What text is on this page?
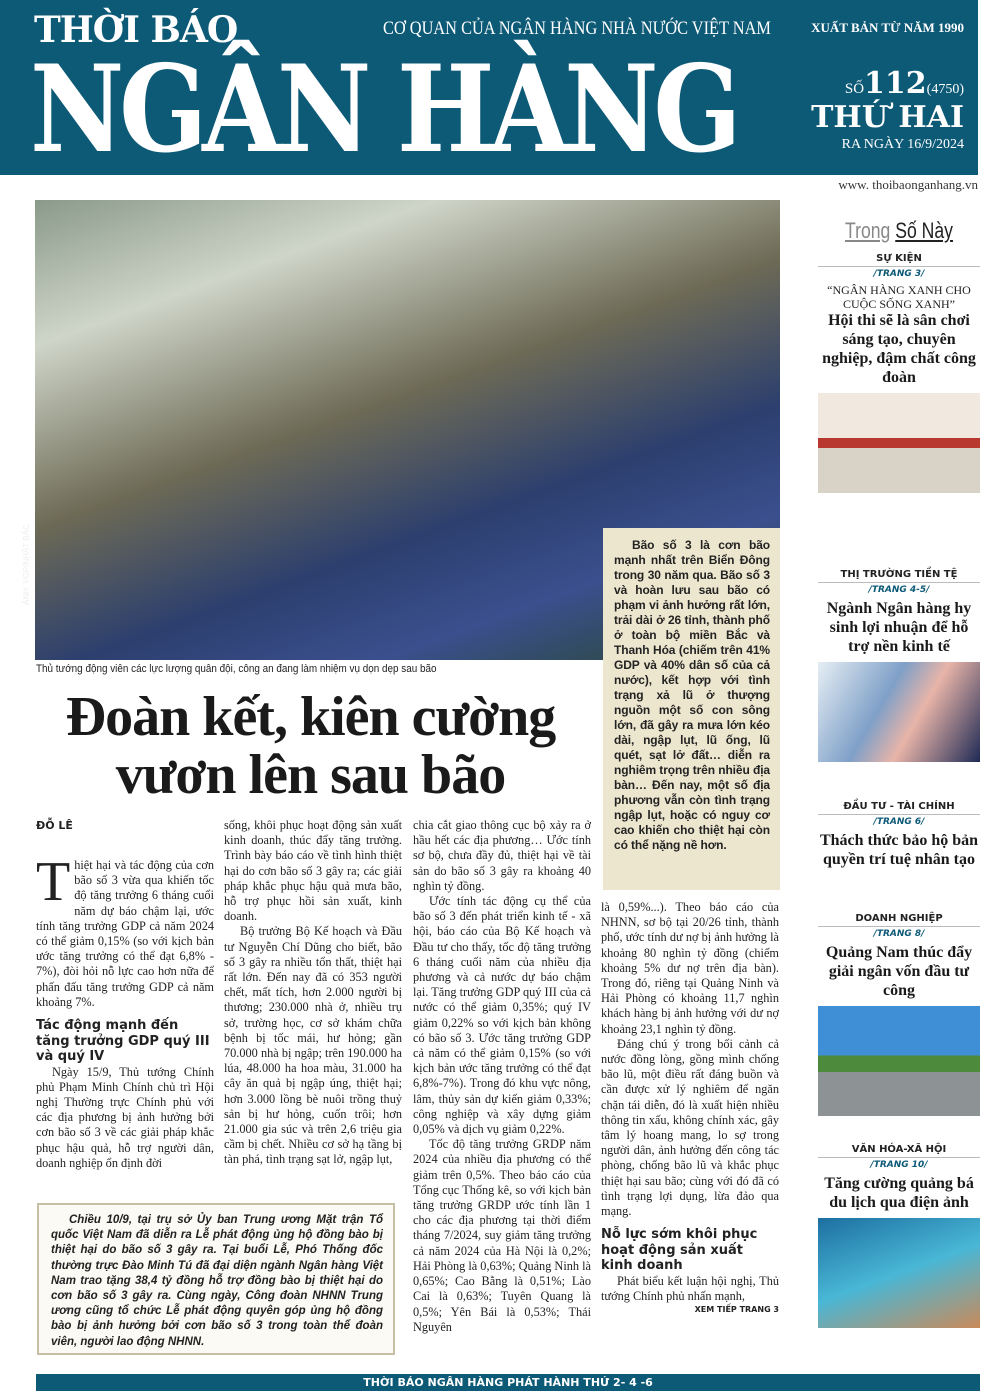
THỜI BÁO
NGÂN HÀNG
CƠ QUAN CỦA NGÂN HÀNG NHÀ NƯỚC VIỆT NAM	XUẤT BẢN TỪ NĂM 1990
SỐ112(4750)
THỨ HAI
RA NGÀY 16/9/2024
www. thoibaonganhang.vn
ẢNH: VGP/NHẬT BẮC
Thủ tướng động viên các lực lượng quân đội, công an đang làm nhiệm vụ dọn dẹp sau bão
Bão số 3 là cơn bão mạnh nhất trên Biển Đông trong 30 năm qua. Bão số 3 và hoàn lưu sau bão có phạm vi ảnh hưởng rất lớn, trải dài ở 26 tỉnh, thành phố ở toàn bộ miền Bắc và Thanh Hóa (chiếm trên 41% GDP và 40% dân số của cả nước), kết hợp với tình trạng xả lũ ở thượng nguồn một số con sông lớn, đã gây ra mưa lớn kéo dài, ngập lụt, lũ ống, lũ quét, sạt lở đất… diễn ra nghiêm trọng trên nhiều địa bàn… Đến nay, một số địa phương vẫn còn tình trạng ngập lụt, hoặc có nguy cơ cao khiến cho thiệt hại còn có thể nặng nề hơn.
Đoàn kết, kiên cường
vươn lên sau bão
ĐỖ LÊ

Thiệt hại và tác động của cơn bão số 3 vừa qua khiến tốc độ tăng trưởng 6 tháng cuối năm dự báo chậm lại, ước tính tăng trưởng GDP cả năm 2024 có thể giảm 0,15% (so với kịch bản ước tăng trưởng có thể đạt 6,8% - 7%), đòi hỏi nỗ lực cao hơn nữa để phấn đấu tăng trưởng GDP cả năm khoảng 7%.

Tác động mạnh đến tăng trưởng GDP quý III và quý IV

Ngày 15/9, Thủ tướng Chính phủ Phạm Minh Chính chủ trì Hội nghị Thường trực Chính phủ với các địa phương bị ảnh hưởng bởi cơn bão số 3 về các giải pháp khắc phục hậu quả, hỗ trợ người dân, doanh nghiệp ổn định đời

sống, khôi phục hoạt động sản xuất kinh doanh, thúc đẩy tăng trưởng. Trình bày báo cáo về tình hình thiệt hại do cơn bão số 3 gây ra; các giải pháp khắc phục hậu quả mưa bão, hỗ trợ phục hồi sản xuất, kinh doanh.

Bộ trưởng Bộ Kế hoạch và Đầu tư Nguyễn Chí Dũng cho biết, bão số 3 gây ra nhiều tổn thất, thiệt hại rất lớn. Đến nay đã có 353 người chết, mất tích, hơn 2.000 người bị thương; 230.000 nhà ở, nhiều trụ sở, trường học, cơ sở khám chữa bệnh bị tốc mái, hư hỏng; gần 70.000 nhà bị ngập; trên 190.000 ha lúa, 48.000 ha hoa màu, 31.000 ha cây ăn quả bị ngập úng, thiệt hại; hơn 3.000 lồng bè nuôi trồng thuỷ sản bị hư hỏng, cuốn trôi; hơn 21.000 gia súc và trên 2,6 triệu gia cầm bị chết. Nhiều cơ sở hạ tầng bị tàn phá, tình trạng sạt lở, ngập lụt,

chia cắt giao thông cục bộ xảy ra ở hầu hết các địa phương… Ước tính sơ bộ, chưa đầy đủ, thiệt hại về tài sản do bão số 3 gây ra khoảng 40 nghìn tỷ đồng.

Ước tính tác động cụ thể của bão số 3 đến phát triển kinh tế - xã hội, báo cáo của Bộ Kế hoạch và Đầu tư cho thấy, tốc độ tăng trưởng 6 tháng cuối năm của nhiều địa phương và cả nước dự báo chậm lại. Tăng trưởng GDP quý III của cả nước có thể giảm 0,35%; quý IV giảm 0,22% so với kịch bản không có bão số 3. Ước tăng trưởng GDP cả năm có thể giảm 0,15% (so với kịch bản ước tăng trưởng có thể đạt 6,8%-7%). Trong đó khu vực nông, lâm, thủy sản dự kiến giảm 0,33%; công nghiệp và xây dựng giảm 0,05% và dịch vụ giảm 0,22%.

Tốc độ tăng trưởng GRDP năm 2024 của nhiều địa phương có thể giảm trên 0,5%. Theo báo cáo của Tổng cục Thống kê, so với kịch bản tăng trưởng GRDP ước tính lần 1 cho các địa phương tại thời điểm tháng 7/2024, suy giảm tăng trưởng cả năm 2024 của Hà Nội là 0,2%; Hải Phòng là 0,63%; Quảng Ninh là 0,65%; Cao Bằng là 0,51%; Lào Cai là 0,63%; Tuyên Quang là 0,5%; Yên Bái là 0,53%; Thái Nguyên

là 0,59%...). Theo báo cáo của NHNN, sơ bộ tại 20/26 tỉnh, thành phố, ước tính dư nợ bị ảnh hưởng là khoảng 80 nghìn tỷ đồng (chiếm khoảng 5% dư nợ trên địa bàn). Trong đó, riêng tại Quảng Ninh và Hải Phòng có khoảng 11,7 nghìn khách hàng bị ảnh hưởng với dư nợ khoảng 23,1 nghìn tỷ đồng.

Đáng chú ý trong bối cảnh cả nước đồng lòng, gồng mình chống bão lũ, một điều rất đáng buồn và cần được xử lý nghiêm để ngăn chặn tái diễn, đó là xuất hiện nhiều thông tin xấu, không chính xác, gây tâm lý hoang mang, lo sợ trong người dân, ảnh hưởng đến công tác phòng, chống bão lũ và khắc phục thiệt hại sau bão; cùng với đó đã có tình trạng lợi dụng, lừa đảo qua mạng.

Nỗ lực sớm khôi phục hoạt động sản xuất kinh doanh

Phát biểu kết luận hội nghị, Thủ tướng Chính phủ nhấn mạnh,

XEM TIẾP TRANG 3
Chiều 10/9, tại trụ sở Ủy ban Trung ương Mặt trận Tổ quốc Việt Nam đã diễn ra Lễ phát động ủng hộ đồng bào bị thiệt hại do bão số 3 gây ra. Tại buổi Lễ, Phó Thống đốc thường trực Đào Minh Tú đã đại diện ngành Ngân hàng Việt Nam trao tặng 38,4 tỷ đồng hỗ trợ đồng bào bị thiệt hại do cơn bão số 3 gây ra. Cùng ngày, Công đoàn NHNN Trung ương cũng tổ chức Lễ phát động quyên góp ủng hộ đồng bào bị ảnh hưởng bởi cơn bão số 3 trong toàn thể đoàn viên, người lao động NHNN.
Trong Số Này
SỰ KIỆN
/TRANG 3/
“NGÂN HÀNG XANH CHO CUỘC SỐNG XANH”
Hội thi sẽ là sân chơi sáng tạo, chuyên nghiệp, đậm chất công đoàn
THỊ TRƯỜNG TIỀN TỆ
/TRANG 4-5/
Ngành Ngân hàng hy sinh lợi nhuận để hỗ trợ nền kinh tế
ĐẦU TƯ - TÀI CHÍNH
/TRANG 6/
Thách thức bảo hộ bản quyền trí tuệ nhân tạo
DOANH NGHIỆP
/TRANG 8/
Quảng Nam thúc đẩy giải ngân vốn đầu tư công
VĂN HÓA-XÃ HỘI
/TRANG 10/
Tăng cường quảng bá du lịch qua điện ảnh
THỜI BÁO NGÂN HÀNG PHÁT HÀNH THỨ 2- 4 -6
